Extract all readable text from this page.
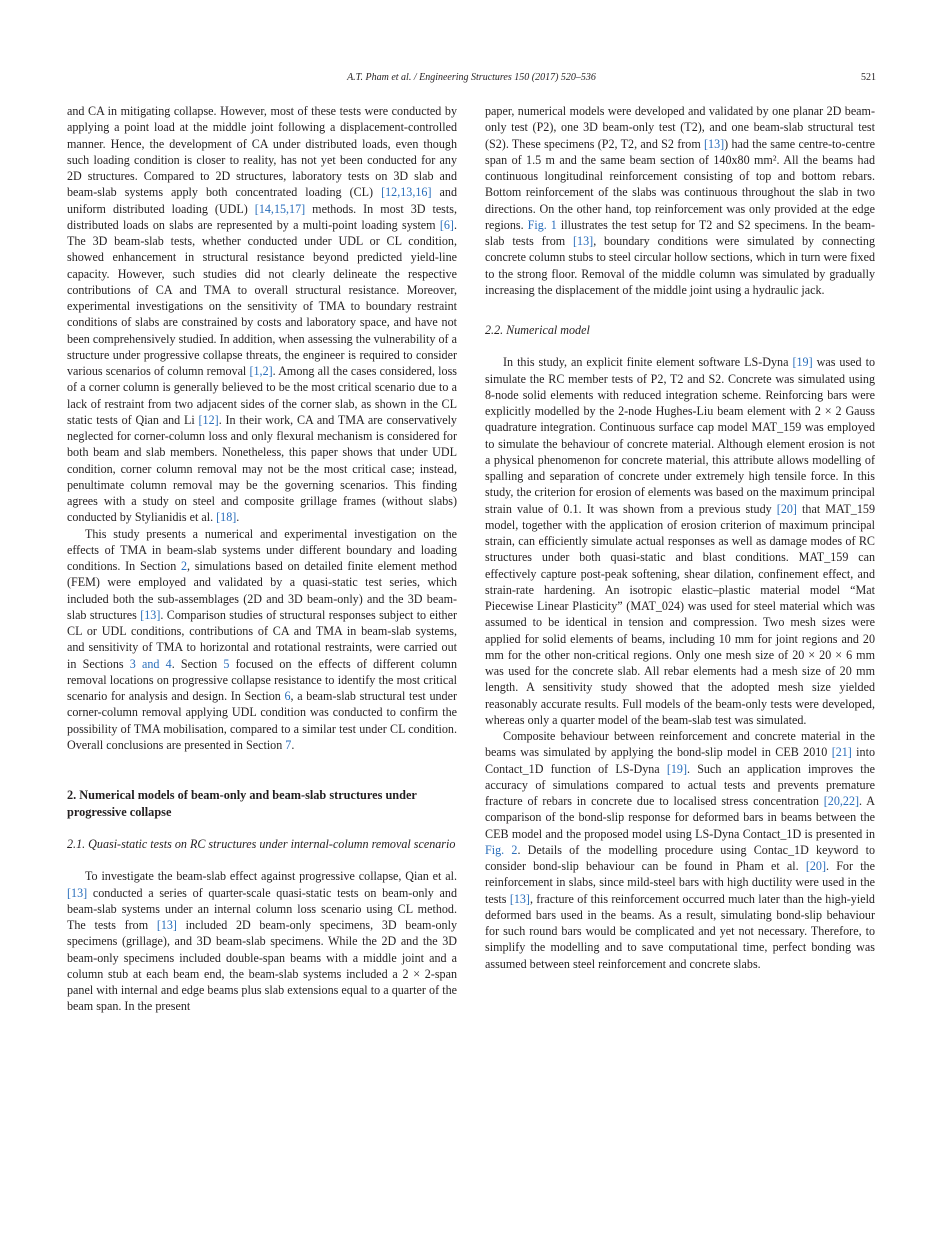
A.T. Pham et al. / Engineering Structures 150 (2017) 520–536	521

and CA in mitigating collapse. However, most of these tests were conducted by applying a point load at the middle joint following a displacement-controlled manner. Hence, the development of CA under distributed loads, even though such loading condition is closer to reality, has not yet been conducted for any 2D structures. Compared to 2D structures, laboratory tests on 3D slab and beam-slab systems apply both concentrated loading (CL) [12,13,16] and uniform distributed loading (UDL) [14,15,17] methods. In most 3D tests, distributed loads on slabs are represented by a multi-point loading system [6]. The 3D beam-slab tests, whether conducted under UDL or CL condition, showed enhancement in structural resistance beyond predicted yield-line capacity. However, such studies did not clearly delineate the respective contributions of CA and TMA to overall structural resistance. Moreover, experimental investigations on the sensitivity of TMA to boundary restraint conditions of slabs are constrained by costs and laboratory space, and have not been comprehensively studied. In addition, when assessing the vulnerability of a structure under progressive collapse threats, the engineer is required to consider various scenarios of column removal [1,2]. Among all the cases considered, loss of a corner column is generally believed to be the most critical scenario due to a lack of restraint from two adjacent sides of the corner slab, as shown in the CL static tests of Qian and Li [12]. In their work, CA and TMA are conservatively neglected for corner-column loss and only flexural mechanism is considered for both beam and slab members. Nonetheless, this paper shows that under UDL condition, corner column removal may not be the most critical case; instead, penultimate column removal may be the governing scenarios. This finding agrees with a study on steel and composite grillage frames (without slabs) conducted by Stylianidis et al. [18].

This study presents a numerical and experimental investigation on the effects of TMA in beam-slab systems under different boundary and loading conditions. In Section 2, simulations based on detailed finite element method (FEM) were employed and validated by a quasi-static test series, which included both the sub-assemblages (2D and 3D beam-only) and the 3D beam-slab structures [13]. Comparison studies of structural responses subject to either CL or UDL conditions, contributions of CA and TMA in beam-slab systems, and sensitivity of TMA to horizontal and rotational restraints, were carried out in Sections 3 and 4. Section 5 focused on the effects of different column removal locations on progressive collapse resistance to identify the most critical scenario for analysis and design. In Section 6, a beam-slab structural test under corner-column removal applying UDL condition was conducted to confirm the possibility of TMA mobilisation, compared to a similar test under CL condition. Overall conclusions are presented in Section 7.

2. Numerical models of beam-only and beam-slab structures under progressive collapse
2.1. Quasi-static tests on RC structures under internal-column removal scenario

To investigate the beam-slab effect against progressive collapse, Qian et al. [13] conducted a series of quarter-scale quasi-static tests on beam-only and beam-slab systems under an internal column loss scenario using CL method. The tests from [13] included 2D beam-only specimens, 3D beam-only specimens (grillage), and 3D beam-slab specimens. While the 2D and the 3D beam-only specimens included double-span beams with a middle joint and a column stub at each beam end, the beam-slab systems included a 2 × 2-span panel with internal and edge beams plus slab extensions equal to a quarter of the beam span. In the present

paper, numerical models were developed and validated by one planar 2D beam-only test (P2), one 3D beam-only test (T2), and one beam-slab structural test (S2). These specimens (P2, T2, and S2 from [13]) had the same centre-to-centre span of 1.5 m and the same beam section of 140x80 mm². All the beams had continuous longitudinal reinforcement consisting of top and bottom rebars. Bottom reinforcement of the slabs was continuous throughout the slab in two directions. On the other hand, top reinforcement was only provided at the edge regions. Fig. 1 illustrates the test setup for T2 and S2 specimens. In the beam-slab tests from [13], boundary conditions were simulated by connecting concrete column stubs to steel circular hollow sections, which in turn were fixed to the strong floor. Removal of the middle column was simulated by gradually increasing the displacement of the middle joint using a hydraulic jack.

2.2. Numerical model

In this study, an explicit finite element software LS-Dyna [19] was used to simulate the RC member tests of P2, T2 and S2. Concrete was simulated using 8-node solid elements with reduced integration scheme. Reinforcing bars were explicitly modelled by the 2-node Hughes-Liu beam element with 2 × 2 Gauss quadrature integration. Continuous surface cap model MAT_159 was employed to simulate the behaviour of concrete material. Although element erosion is not a physical phenomenon for concrete material, this attribute allows modelling of spalling and separation of concrete under extremely high tensile force. In this study, the criterion for erosion of elements was based on the maximum principal strain value of 0.1. It was shown from a previous study [20] that MAT_159 model, together with the application of erosion criterion of maximum principal strain, can efficiently simulate actual responses as well as damage modes of RC structures under both quasi-static and blast conditions. MAT_159 can effectively capture post-peak softening, shear dilation, confinement effect, and strain-rate hardening. An isotropic elastic–plastic material model “Mat Piecewise Linear Plasticity” (MAT_024) was used for steel material which was assumed to be identical in tension and compression. Two mesh sizes were applied for solid elements of beams, including 10 mm for joint regions and 20 mm for the other non-critical regions. Only one mesh size of 20 × 20 × 6 mm was used for the concrete slab. All rebar elements had a mesh size of 20 mm length. A sensitivity study showed that the adopted mesh size yielded reasonably accurate results. Full models of the beam-only tests were developed, whereas only a quarter model of the beam-slab test was simulated.

Composite behaviour between reinforcement and concrete material in the beams was simulated by applying the bond-slip model in CEB 2010 [21] into Contact_1D function of LS-Dyna [19]. Such an application improves the accuracy of simulations compared to actual tests and prevents premature fracture of rebars in concrete due to localised stress concentration [20,22]. A comparison of the bond-slip response for deformed bars in beams between the CEB model and the proposed model using LS-Dyna Contact_1D is presented in Fig. 2. Details of the modelling procedure using Contac_1D keyword to consider bond-slip behaviour can be found in Pham et al. [20]. For the reinforcement in slabs, since mild-steel bars with high ductility were used in the tests [13], fracture of this reinforcement occurred much later than the high-yield deformed bars used in the beams. As a result, simulating bond-slip behaviour for such round bars would be complicated and yet not necessary. Therefore, to simplify the modelling and to save computational time, perfect bonding was assumed between steel reinforcement and concrete slabs.
